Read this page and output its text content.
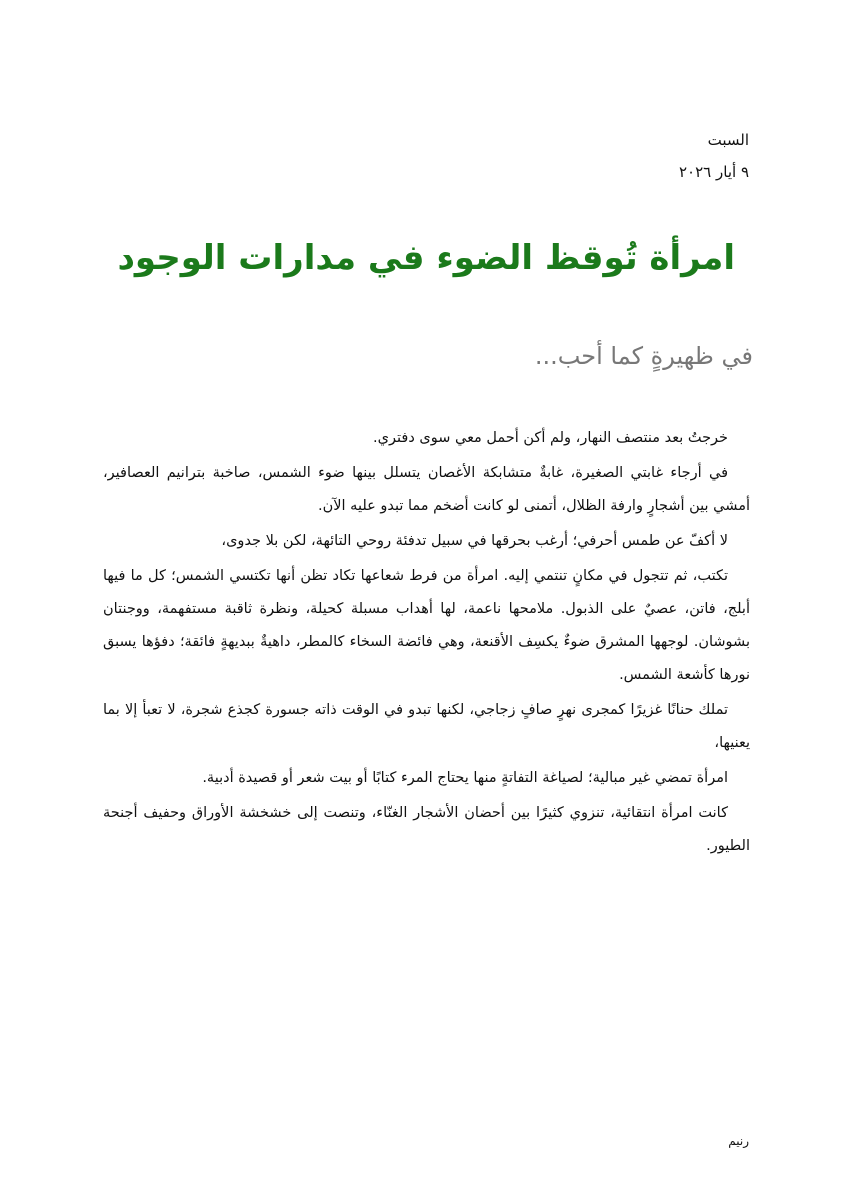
السبت
٩ أيار ٢٠٢٦
امرأة تُوقظ الضوء في مدارات الوجود
في ظهيرةٍ كما أحب...

خرجتُ بعد منتصف النهار، ولم أكن أحمل معي سوى دفتري.

في أرجاء غابتي الصغيرة، غابةٌ متشابكة الأغصان يتسلل بينها ضوء الشمس، صاخبة بترانيم العصافير، أمشي بين أشجارٍ وارفة الظلال، أتمنى لو كانت أضخم مما تبدو عليه الآن.

لا أكفّ عن طمس أحرفي؛ أرغب بحرقها في سبيل تدفئة روحي التائهة، لكن بلا جدوى،

تكتب، ثم تتجول في مكانٍ تنتمي إليه. امرأة من فرط شعاعها تكاد تظن أنها تكتسي الشمس؛ كل ما فيها أبلج، فاتن، عصيٌ على الذبول. ملامحها ناعمة، لها أهداب مسبلة كحيلة، ونظرة ثاقبة مستفهمة، ووجنتان بشوشان. لوجهها المشرق ضوءٌ يكسِف الأقنعة، وهي فائضة السخاء كالمطر، داهيةٌ ببديهةٍ فائقة؛ دفؤها يسبق نورها كأشعة الشمس.

تملك حنانًا غزيرًا كمجرى نهرٍ صافٍ زجاجي، لكنها تبدو في الوقت ذاته جسورة كجذع شجرة، لا تعبأ إلا بما يعنيها،

امرأة تمضي غير مبالية؛ لصياغة التفاتةٍ منها يحتاج المرء كتابًا أو بيت شعر أو قصيدة أدبية.

كانت امرأة انتقائية، تنزوي كثيرًا بين أحضان الأشجار الغنّاء، وتنصت إلى خشخشة الأوراق وحفيف أجنحة الطيور.

رنيم
